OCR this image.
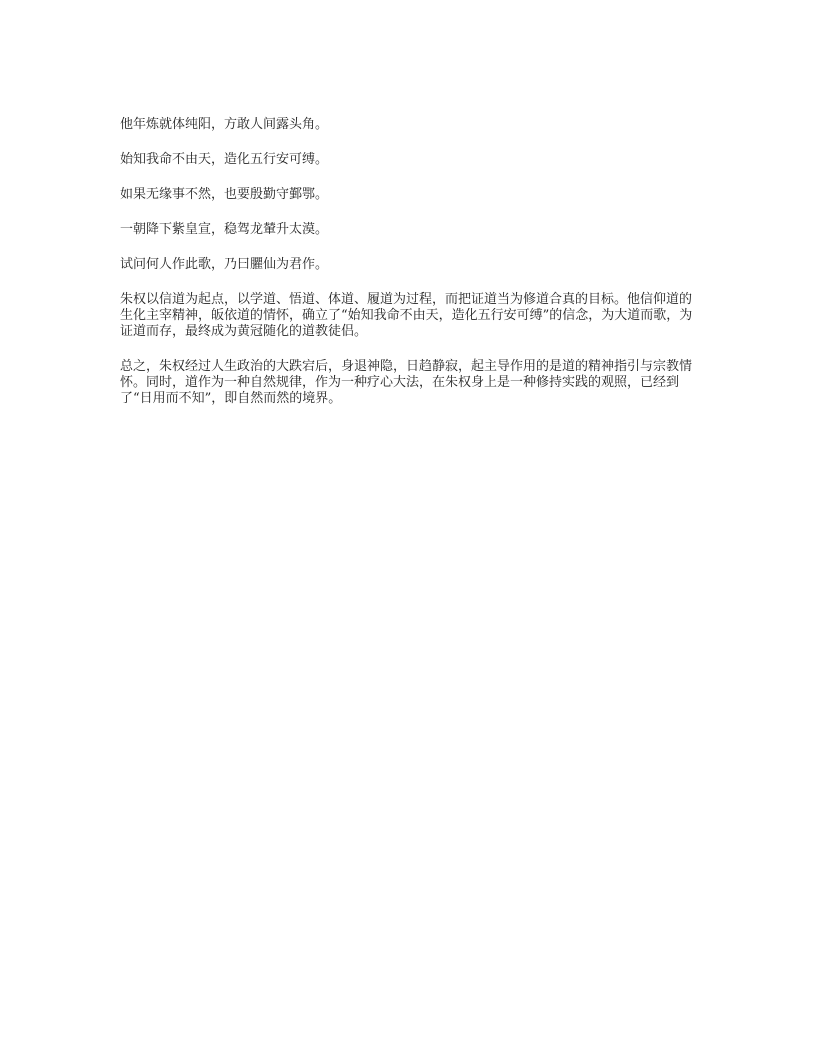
他年炼就体纯阳，方敢人间露头角。

始知我命不由天，造化五行安可缚。

如果无缘事不然，也要殷勤守鄞鄂。

一朝降下紫皇宣，稳驾龙輦升太漠。

试问何人作此歌，乃曰臞仙为君作。

朱权以信道为起点，以学道、悟道、体道、履道为过程，而把证道当为修道合真的目标。他信仰道的生化主宰精神，皈依道的情怀，确立了“始知我命不由天，造化五行安可缚”的信念，为大道而歌，为证道而存，最终成为黄冠随化的道教徒侣。

总之，朱权经过人生政治的大跌宕后，身退神隐，日趋静寂，起主导作用的是道的精神指引与宗教情怀。同时，道作为一种自然规律，作为一种疗心大法，在朱权身上是一种修持实践的观照，已经到了“日用而不知”，即自然而然的境界。
